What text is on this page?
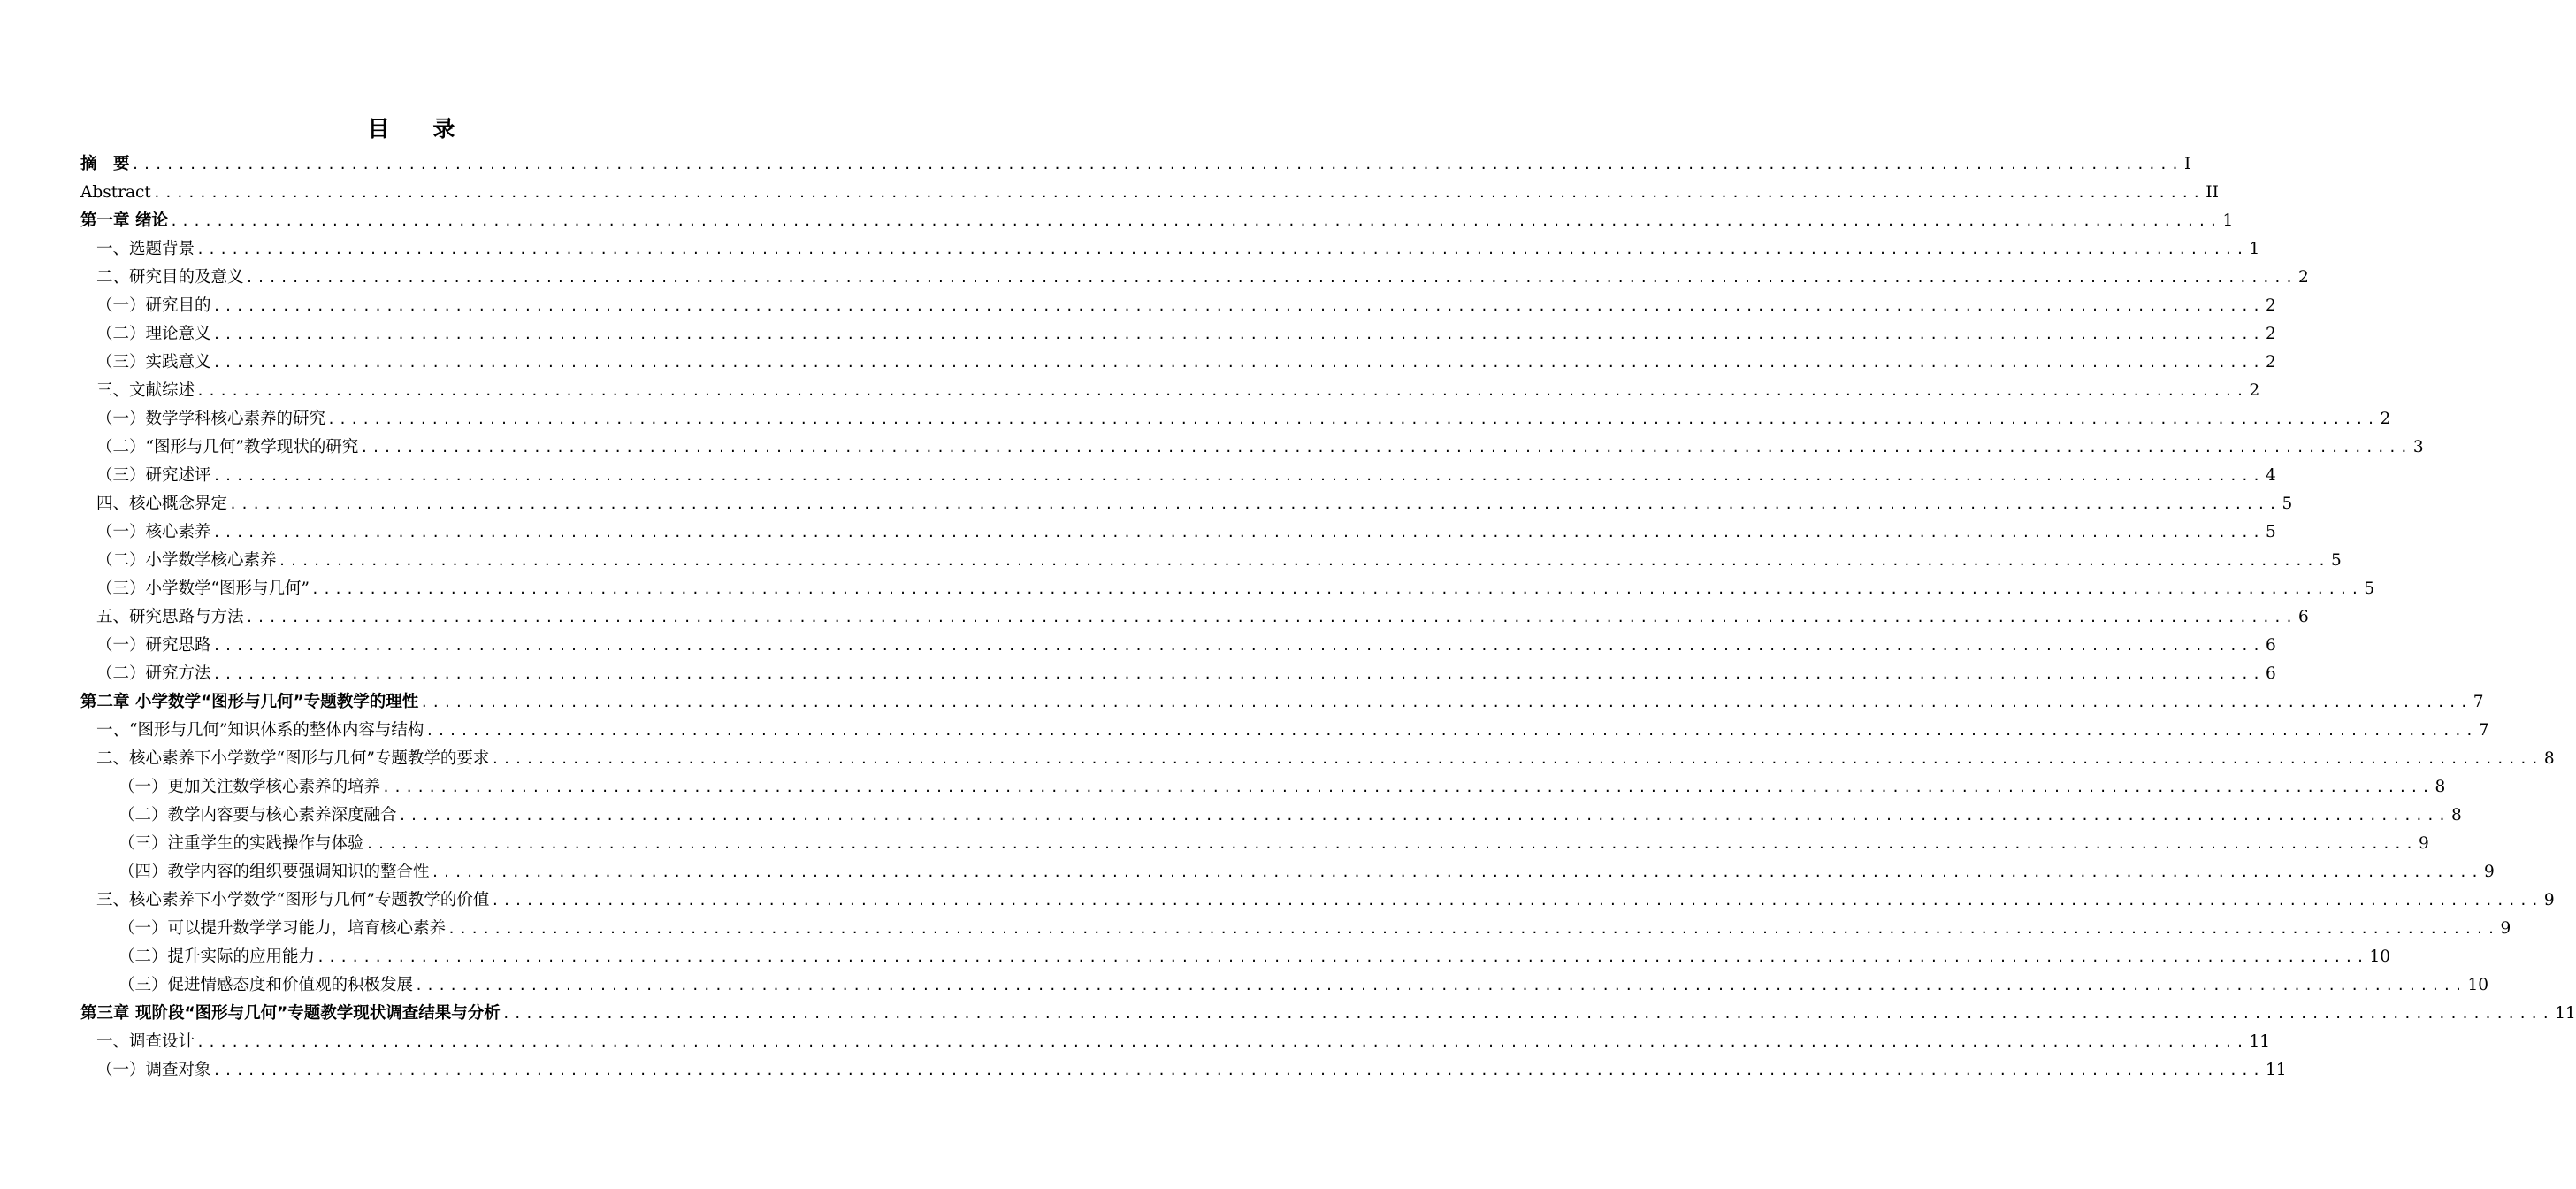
目 录
摘　要 .................................................................................................................................................................................. I
Abstract .................................................................................................................................................................................. II
第一章 绪论 .................................................................................................................................................................................. 1
一、选题背景 .................................................................................................................................................................................. 1
二、研究目的及意义 .................................................................................................................................................................................. 2
（一）研究目的 .................................................................................................................................................................................. 2
（二）理论意义 .................................................................................................................................................................................. 2
（三）实践意义 .................................................................................................................................................................................. 2
三、文献综述 .................................................................................................................................................................................. 2
（一）数学学科核心素养的研究 .................................................................................................................................................................................. 2
（二）“图形与几何”教学现状的研究 .................................................................................................................................................................................. 3
（三）研究述评 .................................................................................................................................................................................. 4
四、核心概念界定 .................................................................................................................................................................................. 5
（一）核心素养 .................................................................................................................................................................................. 5
（二）小学数学核心素养 .................................................................................................................................................................................. 5
（三）小学数学“图形与几何” .................................................................................................................................................................................. 5
五、研究思路与方法 .................................................................................................................................................................................. 6
（一）研究思路 .................................................................................................................................................................................. 6
（二）研究方法 .................................................................................................................................................................................. 6
第二章 小学数学“图形与几何”专题教学的理性 .................................................................................................................................................................................. 7
一、“图形与几何”知识体系的整体内容与结构 .................................................................................................................................................................................. 7
二、核心素养下小学数学“图形与几何”专题教学的要求 .................................................................................................................................................................................. 8
（一）更加关注数学核心素养的培养 .................................................................................................................................................................................. 8
（二）教学内容要与核心素养深度融合 .................................................................................................................................................................................. 8
（三）注重学生的实践操作与体验 .................................................................................................................................................................................. 9
（四）教学内容的组织要强调知识的整合性 .................................................................................................................................................................................. 9
三、核心素养下小学数学“图形与几何”专题教学的价值 .................................................................................................................................................................................. 9
（一）可以提升数学学习能力，培育核心素养 .................................................................................................................................................................................. 9
（二）提升实际的应用能力 .................................................................................................................................................................................. 10
（三）促进情感态度和价值观的积极发展 .................................................................................................................................................................................. 10
第三章 现阶段“图形与几何”专题教学现状调查结果与分析 .................................................................................................................................................................................. 11
一、调查设计 .................................................................................................................................................................................. 11
（一）调查对象 .................................................................................................................................................................................. 11
